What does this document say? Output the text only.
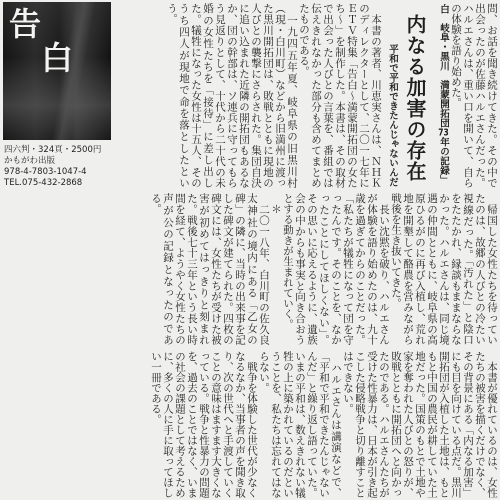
告
白
四六判・324頁・2500円
かもがわ出版
978-4-7803-1047-4
TEL.075-432-2868	　本書の著者、川恵実さんは、ＮＨＫのディレクターとして、二〇一七年にＥＴＶ特集「告白〜満蒙開拓団の女たち〜」を制作した。本書は、その取材で出会った人びとの言葉を、番組では伝えきれなかった部分も含めてまとめたものである。
　一九四五年夏、岐阜県の旧黒川村（現・白川町）などから旧満州に渡った黒川開拓団は、敗戦とともに現地の人びとの襲撃にさらされた。集団自決に追い込まれた近隣の開拓団もあるなか、団の幹部は、ソ連兵に守ってもらう見返りとして、十代から二十代の未婚の女性たちを「接待」に差し出した。犠牲になった女性は十五人、そのうち四人が現地で命を落としたという。
平和で平和できたんじゃないんだ 内なる加害の存在 白　岐阜・黒川　満蒙開拓団73年の記録」	問、お話を聞き続けてきた。その中で出会ったのが佐藤ハルエさんだった。ハルエさんは、重い口を開いて、自らの体験を語り始めた。
　帰国した女性たちを待っていたのは、故郷の人びとの冷たい視線だった。「汚れた」と陰口をたたかれ、縁談もままならなかった。ハルエさんは、同じ境遇の仲間とともに、岐阜県の高原ひるがのに再び入植し、荒れ地を開墾して酪農を営みながら戦後を生き抜いてきた。
　長い沈黙を破り、ハルエさんが体験を語り始めたのは、九十歳を過ぎてからのことだった。「私たちが犠牲になって団を守ったんです。そのことを、なかったことにしてほしくない」。その思いに応えるように、遺族会の中からも事実と向き合おうとする動きが生まれていく。
　＊
　二〇一八年、白川町の佐久良太神社の境内にある「乙女の碑」の隣に、当時の出来事を記した碑文が建てられた。四枚の碑文には、女性たちが受けた被害が初めてはっきりと刻まれた。戦後七十三年という長い時間を経て、ようやく女性たちの声が公の記録となったのである。
　本書が優れているのは、女性たちの被害を描くだけでなく、その背景にある「内なる加害」にも目を向けている点だ。黒川開拓団が入植した土地は、もともと中国の農民が耕していた土地だった。国策のもとで土地や家を奪われた人びとの怒りが、敗戦とともに開拓団へと向かったのである。ハルエさんたちが受けた性暴力は、日本が引き起こした侵略戦争と切り離すことはできない。
　ハルエさんは講演などで、「平和で平和できたんじゃないんだ」と繰り返し語っていた。いまの平和は、数えきれない犠牲の上に築かれているのだということを、私たちは忘れてはならない。
　戦争を体験した世代が少なくなるなか、当事者の声を聞き取り、次の世代へと手渡していくことの意味はますます大きくなっている。戦争と性暴力の問題を、過去のことではなく、いまの社会の課題として考えるために、多くの人に手に取ってほしい一冊である。
